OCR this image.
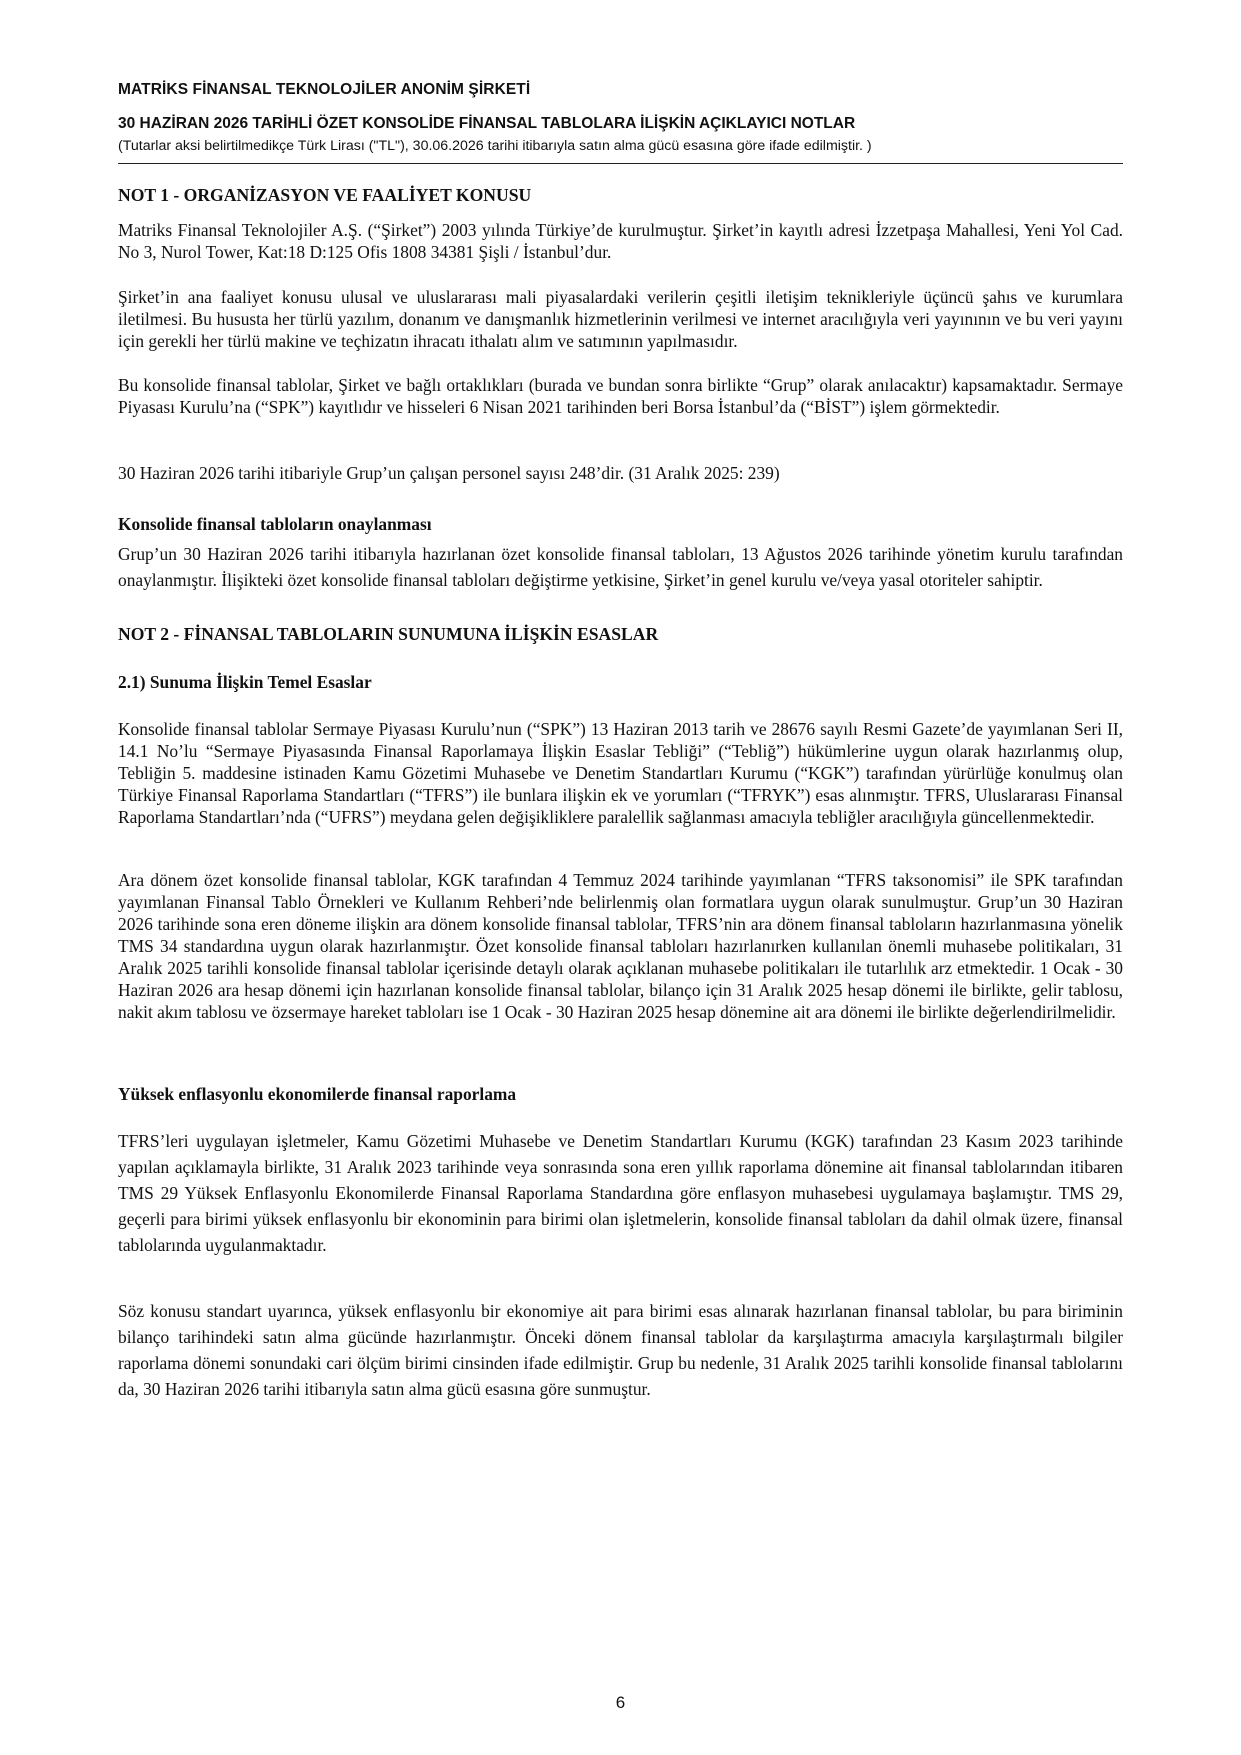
MATRİKS FİNANSAL TEKNOLOJİLER ANONİM ŞİRKETİ
30 HAZİRAN 2026 TARİHLİ ÖZET KONSOLİDE FİNANSAL TABLOLARA İLİŞKİN AÇIKLAYICI NOTLAR
(Tutarlar aksi belirtilmedikçe Türk Lirası ("TL"), 30.06.2026 tarihi itibarıyla satın alma gücü esasına göre ifade edilmiştir. )
NOT 1 - ORGANİZASYON VE FAALİYET KONUSU

Matriks Finansal Teknolojiler A.Ş. (“Şirket”) 2003 yılında Türkiye’de kurulmuştur. Şirket’in kayıtlı adresi İzzetpaşa Mahallesi, Yeni Yol Cad. No 3, Nurol Tower, Kat:18 D:125 Ofis 1808 34381 Şişli / İstanbul’dur.

Şirket’in ana faaliyet konusu ulusal ve uluslararası mali piyasalardaki verilerin çeşitli iletişim teknikleriyle üçüncü şahıs ve kurumlara iletilmesi. Bu hususta her türlü yazılım, donanım ve danışmanlık hizmetlerinin verilmesi ve internet aracılığıyla veri yayınının ve bu veri yayını için gerekli her türlü makine ve teçhizatın ihracatı ithalatı alım ve satımının yapılmasıdır.

Bu konsolide finansal tablolar, Şirket ve bağlı ortaklıkları (burada ve bundan sonra birlikte “Grup” olarak anılacaktır) kapsamaktadır. Sermaye Piyasası Kurulu’na (“SPK”) kayıtlıdır ve hisseleri 6 Nisan 2021 tarihinden beri Borsa İstanbul’da (“BİST”) işlem görmektedir.

30 Haziran 2026 tarihi itibariyle Grup’un çalışan personel sayısı 248’dir. (31 Aralık 2025: 239)

Konsolide finansal tabloların onaylanması

Grup’un 30 Haziran 2026 tarihi itibarıyla hazırlanan özet konsolide finansal tabloları, 13 Ağustos 2026 tarihinde yönetim kurulu tarafından onaylanmıştır. İlişikteki özet konsolide finansal tabloları değiştirme yetkisine, Şirket’in genel kurulu ve/veya yasal otoriteler sahiptir.

NOT 2 - FİNANSAL TABLOLARIN SUNUMUNA İLİŞKİN ESASLAR
2.1) Sunuma İlişkin Temel Esaslar

Konsolide finansal tablolar Sermaye Piyasası Kurulu’nun (“SPK”) 13 Haziran 2013 tarih ve 28676 sayılı Resmi Gazete’de yayımlanan Seri II, 14.1 No’lu “Sermaye Piyasasında Finansal Raporlamaya İlişkin Esaslar Tebliği” (“Tebliğ”) hükümlerine uygun olarak hazırlanmış olup, Tebliğin 5. maddesine istinaden Kamu Gözetimi Muhasebe ve Denetim Standartları Kurumu (“KGK”) tarafından yürürlüğe konulmuş olan Türkiye Finansal Raporlama Standartları (“TFRS”) ile bunlara ilişkin ek ve yorumları (“TFRYK”) esas alınmıştır. TFRS, Uluslararası Finansal Raporlama Standartları’nda (“UFRS”) meydana gelen değişikliklere paralellik sağlanması amacıyla tebliğler aracılığıyla güncellenmektedir.

Ara dönem özet konsolide finansal tablolar, KGK tarafından 4 Temmuz 2024 tarihinde yayımlanan “TFRS taksonomisi” ile SPK tarafından yayımlanan Finansal Tablo Örnekleri ve Kullanım Rehberi’nde belirlenmiş olan formatlara uygun olarak sunulmuştur. Grup’un 30 Haziran 2026 tarihinde sona eren döneme ilişkin ara dönem konsolide finansal tablolar, TFRS’nin ara dönem finansal tabloların hazırlanmasına yönelik TMS 34 standardına uygun olarak hazırlanmıştır. Özet konsolide finansal tabloları hazırlanırken kullanılan önemli muhasebe politikaları, 31 Aralık 2025 tarihli konsolide finansal tablolar içerisinde detaylı olarak açıklanan muhasebe politikaları ile tutarlılık arz etmektedir. 1 Ocak - 30 Haziran 2026 ara hesap dönemi için hazırlanan konsolide finansal tablolar, bilanço için 31 Aralık 2025 hesap dönemi ile birlikte, gelir tablosu, nakit akım tablosu ve özsermaye hareket tabloları ise 1 Ocak - 30 Haziran 2025 hesap dönemine ait ara dönemi ile birlikte değerlendirilmelidir.

Yüksek enflasyonlu ekonomilerde finansal raporlama

TFRS’leri uygulayan işletmeler, Kamu Gözetimi Muhasebe ve Denetim Standartları Kurumu (KGK) tarafından 23 Kasım 2023 tarihinde yapılan açıklamayla birlikte, 31 Aralık 2023 tarihinde veya sonrasında sona eren yıllık raporlama dönemine ait finansal tablolarından itibaren TMS 29 Yüksek Enflasyonlu Ekonomilerde Finansal Raporlama Standardına göre enflasyon muhasebesi uygulamaya başlamıştır. TMS 29, geçerli para birimi yüksek enflasyonlu bir ekonominin para birimi olan işletmelerin, konsolide finansal tabloları da dahil olmak üzere, finansal tablolarında uygulanmaktadır.

Söz konusu standart uyarınca, yüksek enflasyonlu bir ekonomiye ait para birimi esas alınarak hazırlanan finansal tablolar, bu para biriminin bilanço tarihindeki satın alma gücünde hazırlanmıştır. Önceki dönem finansal tablolar da karşılaştırma amacıyla karşılaştırmalı bilgiler raporlama dönemi sonundaki cari ölçüm birimi cinsinden ifade edilmiştir. Grup bu nedenle, 31 Aralık 2025 tarihli konsolide finansal tablolarını da, 30 Haziran 2026 tarihi itibarıyla satın alma gücü esasına göre sunmuştur.

6
